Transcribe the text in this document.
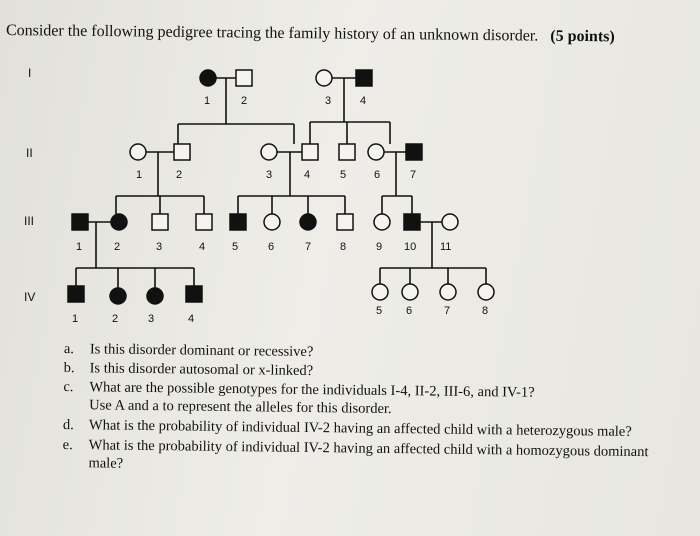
Consider the following pedigree tracing the family history of an unknown disorder. (5 points)
I
II
III
IV
1	2	3	4
1	2	3	4	5	6	7
1	2	3	4 5	6	7	8	9 10 11
1	2	3	4
5 6	7	8
a.	Is this disorder dominant or recessive?
b.	Is this disorder autosomal or x-linked?
c.	What are the possible genotypes for the individuals I-4, II-2, III-6, and IV-1?
Use A and a to represent the alleles for this disorder.
d.	What is the probability of individual IV-2 having an affected child with a heterozygous male?
e.	What is the probability of individual IV-2 having an affected child with a homozygous dominant male?
